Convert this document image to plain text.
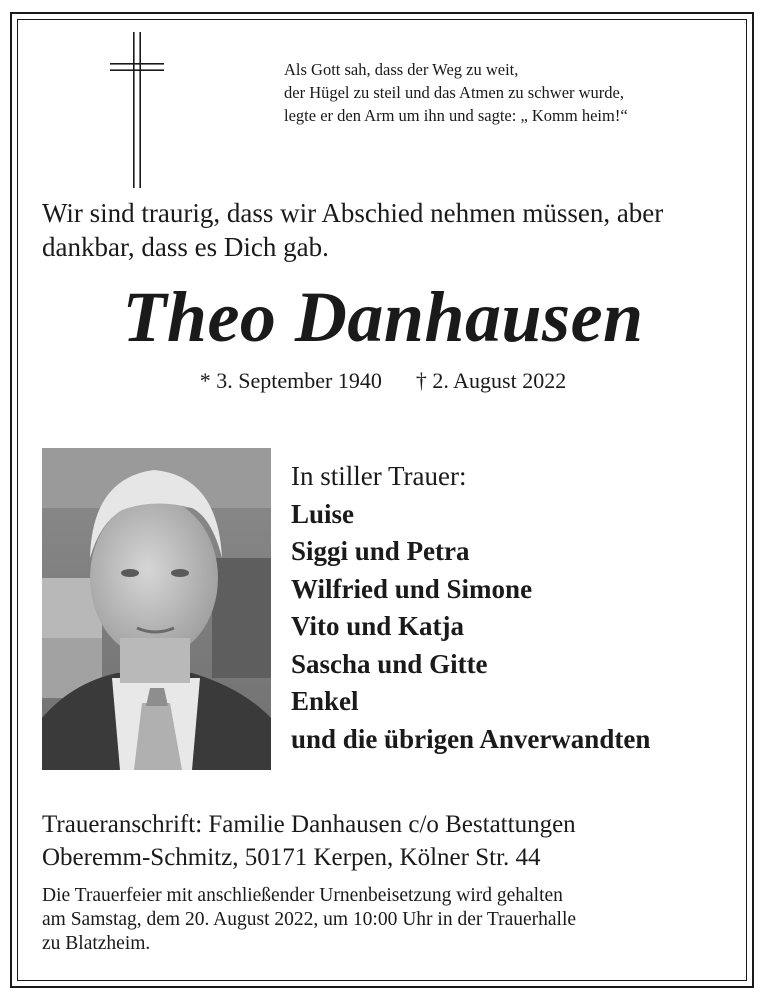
Als Gott sah, dass der Weg zu weit,
der Hügel zu steil und das Atmen zu schwer wurde,
legte er den Arm um ihn und sagte: „ Komm heim!“
Wir sind traurig, dass wir Abschied nehmen müssen, aber
dankbar, dass es Dich gab.
Theo Danhausen
* 3. September 1940 † 2. August 2022
In stiller Trauer:
Luise
Siggi und Petra
Wilfried und Simone
Vito und Katja
Sascha und Gitte
Enkel
und die übrigen Anverwandten
Traueranschrift: Familie Danhausen c/o Bestattungen
Oberemm-Schmitz, 50171 Kerpen, Kölner Str. 44
Die Trauerfeier mit anschließender Urnenbeisetzung wird gehalten
am Samstag, dem 20. August 2022, um 10:00 Uhr in der Trauerhalle
zu Blatzheim.
